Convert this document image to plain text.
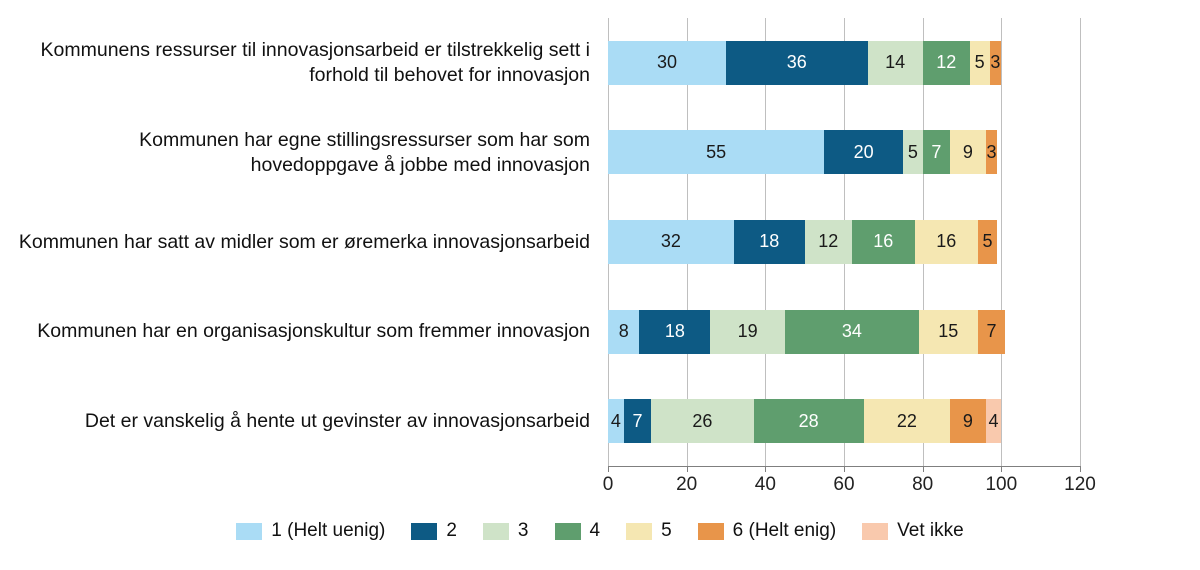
Kommunens ressurser til innovasjonsarbeid er tilstrekkelig sett i forhold til behovet for innovasjon
30	36	14 12 5 3
Kommunen har egne stillingsressurser som har som hovedoppgave å jobbe med innovasjon
55	20 5 7 9 3
Kommunen har satt av midler som er øremerka innovasjonsarbeid	32	18 12 16 16 5
Kommunen har en organisasjonskultur som fremmer innovasjon 8 18	19	34	15 7
Det er vanskelig å hente ut gevinster av innovasjonsarbeid 4 7	26	28	22	9 4
0	20	40	60	80	100 120
1 (Helt uenig)	2	3	4	5	6 (Helt enig)	Vet ikke
